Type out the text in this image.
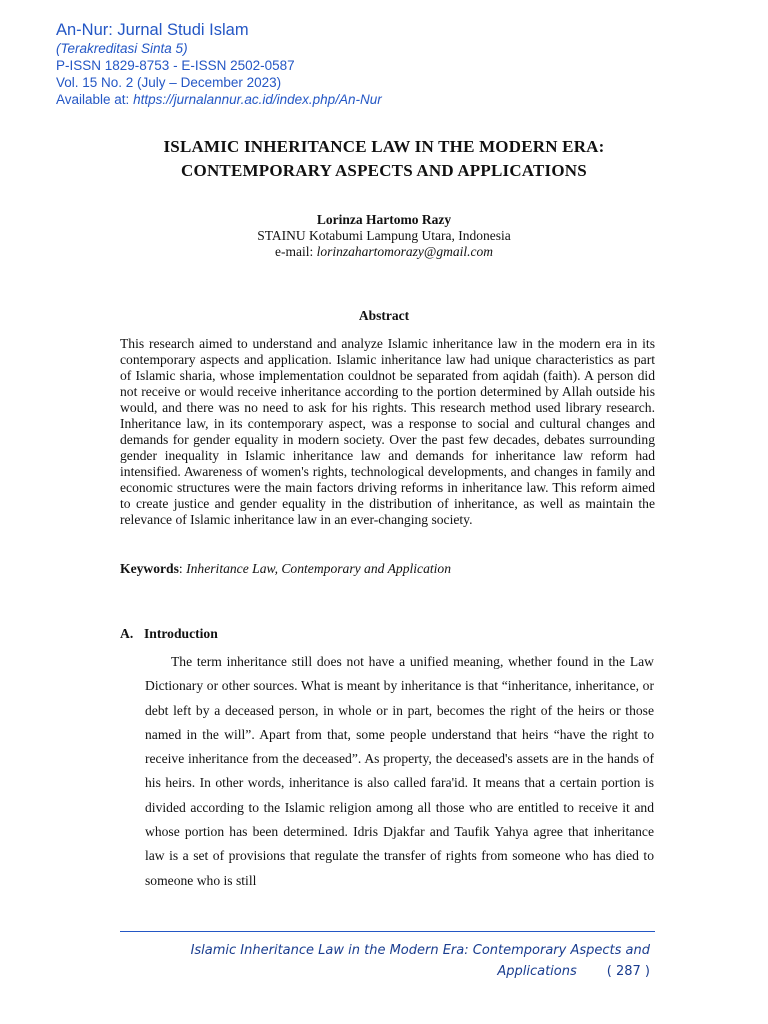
An-Nur: Jurnal Studi Islam
(Terakreditasi Sinta 5)
P-ISSN 1829-8753 - E-ISSN 2502-0587
Vol. 15 No. 2 (July – December 2023)
Available at: https://jurnalannur.ac.id/index.php/An-Nur
ISLAMIC INHERITANCE LAW IN THE MODERN ERA:
CONTEMPORARY ASPECTS AND APPLICATIONS
Lorinza Hartomo Razy
STAINU Kotabumi Lampung Utara, Indonesia
e-mail: lorinzahartomorazy@gmail.com
Abstract

This research aimed to understand and analyze Islamic inheritance law in the modern era in its contemporary aspects and application. Islamic inheritance law had unique characteristics as part of Islamic sharia, whose implementation couldnot be separated from aqidah (faith). A person did not receive or would receive inheritance according to the portion determined by Allah outside his would, and there was no need to ask for his rights. This research method used library research. Inheritance law, in its contemporary aspect, was a response to social and cultural changes and demands for gender equality in modern society. Over the past few decades, debates surrounding gender inequality in Islamic inheritance law and demands for inheritance law reform had intensified. Awareness of women's rights, technological developments, and changes in family and economic structures were the main factors driving reforms in inheritance law. This reform aimed to create justice and gender equality in the distribution of inheritance, as well as maintain the relevance of Islamic inheritance law in an ever-changing society.

Keywords: Inheritance Law, Contemporary and Application
A. Introduction

The term inheritance still does not have a unified meaning, whether found in the Law Dictionary or other sources. What is meant by inheritance is that “inheritance, inheritance, or debt left by a deceased person, in whole or in part, becomes the right of the heirs or those named in the will”. Apart from that, some people understand that heirs “have the right to receive inheritance from the deceased”. As property, the deceased's assets are in the hands of his heirs. In other words, inheritance is also called fara'id. It means that a certain portion is divided according to the Islamic religion among all those who are entitled to receive it and whose portion has been determined. Idris Djakfar and Taufik Yahya agree that inheritance law is a set of provisions that regulate the transfer of rights from someone who has died to someone who is still

Islamic Inheritance Law in the Modern Era: Contemporary Aspects and
Applications ( 287 )
